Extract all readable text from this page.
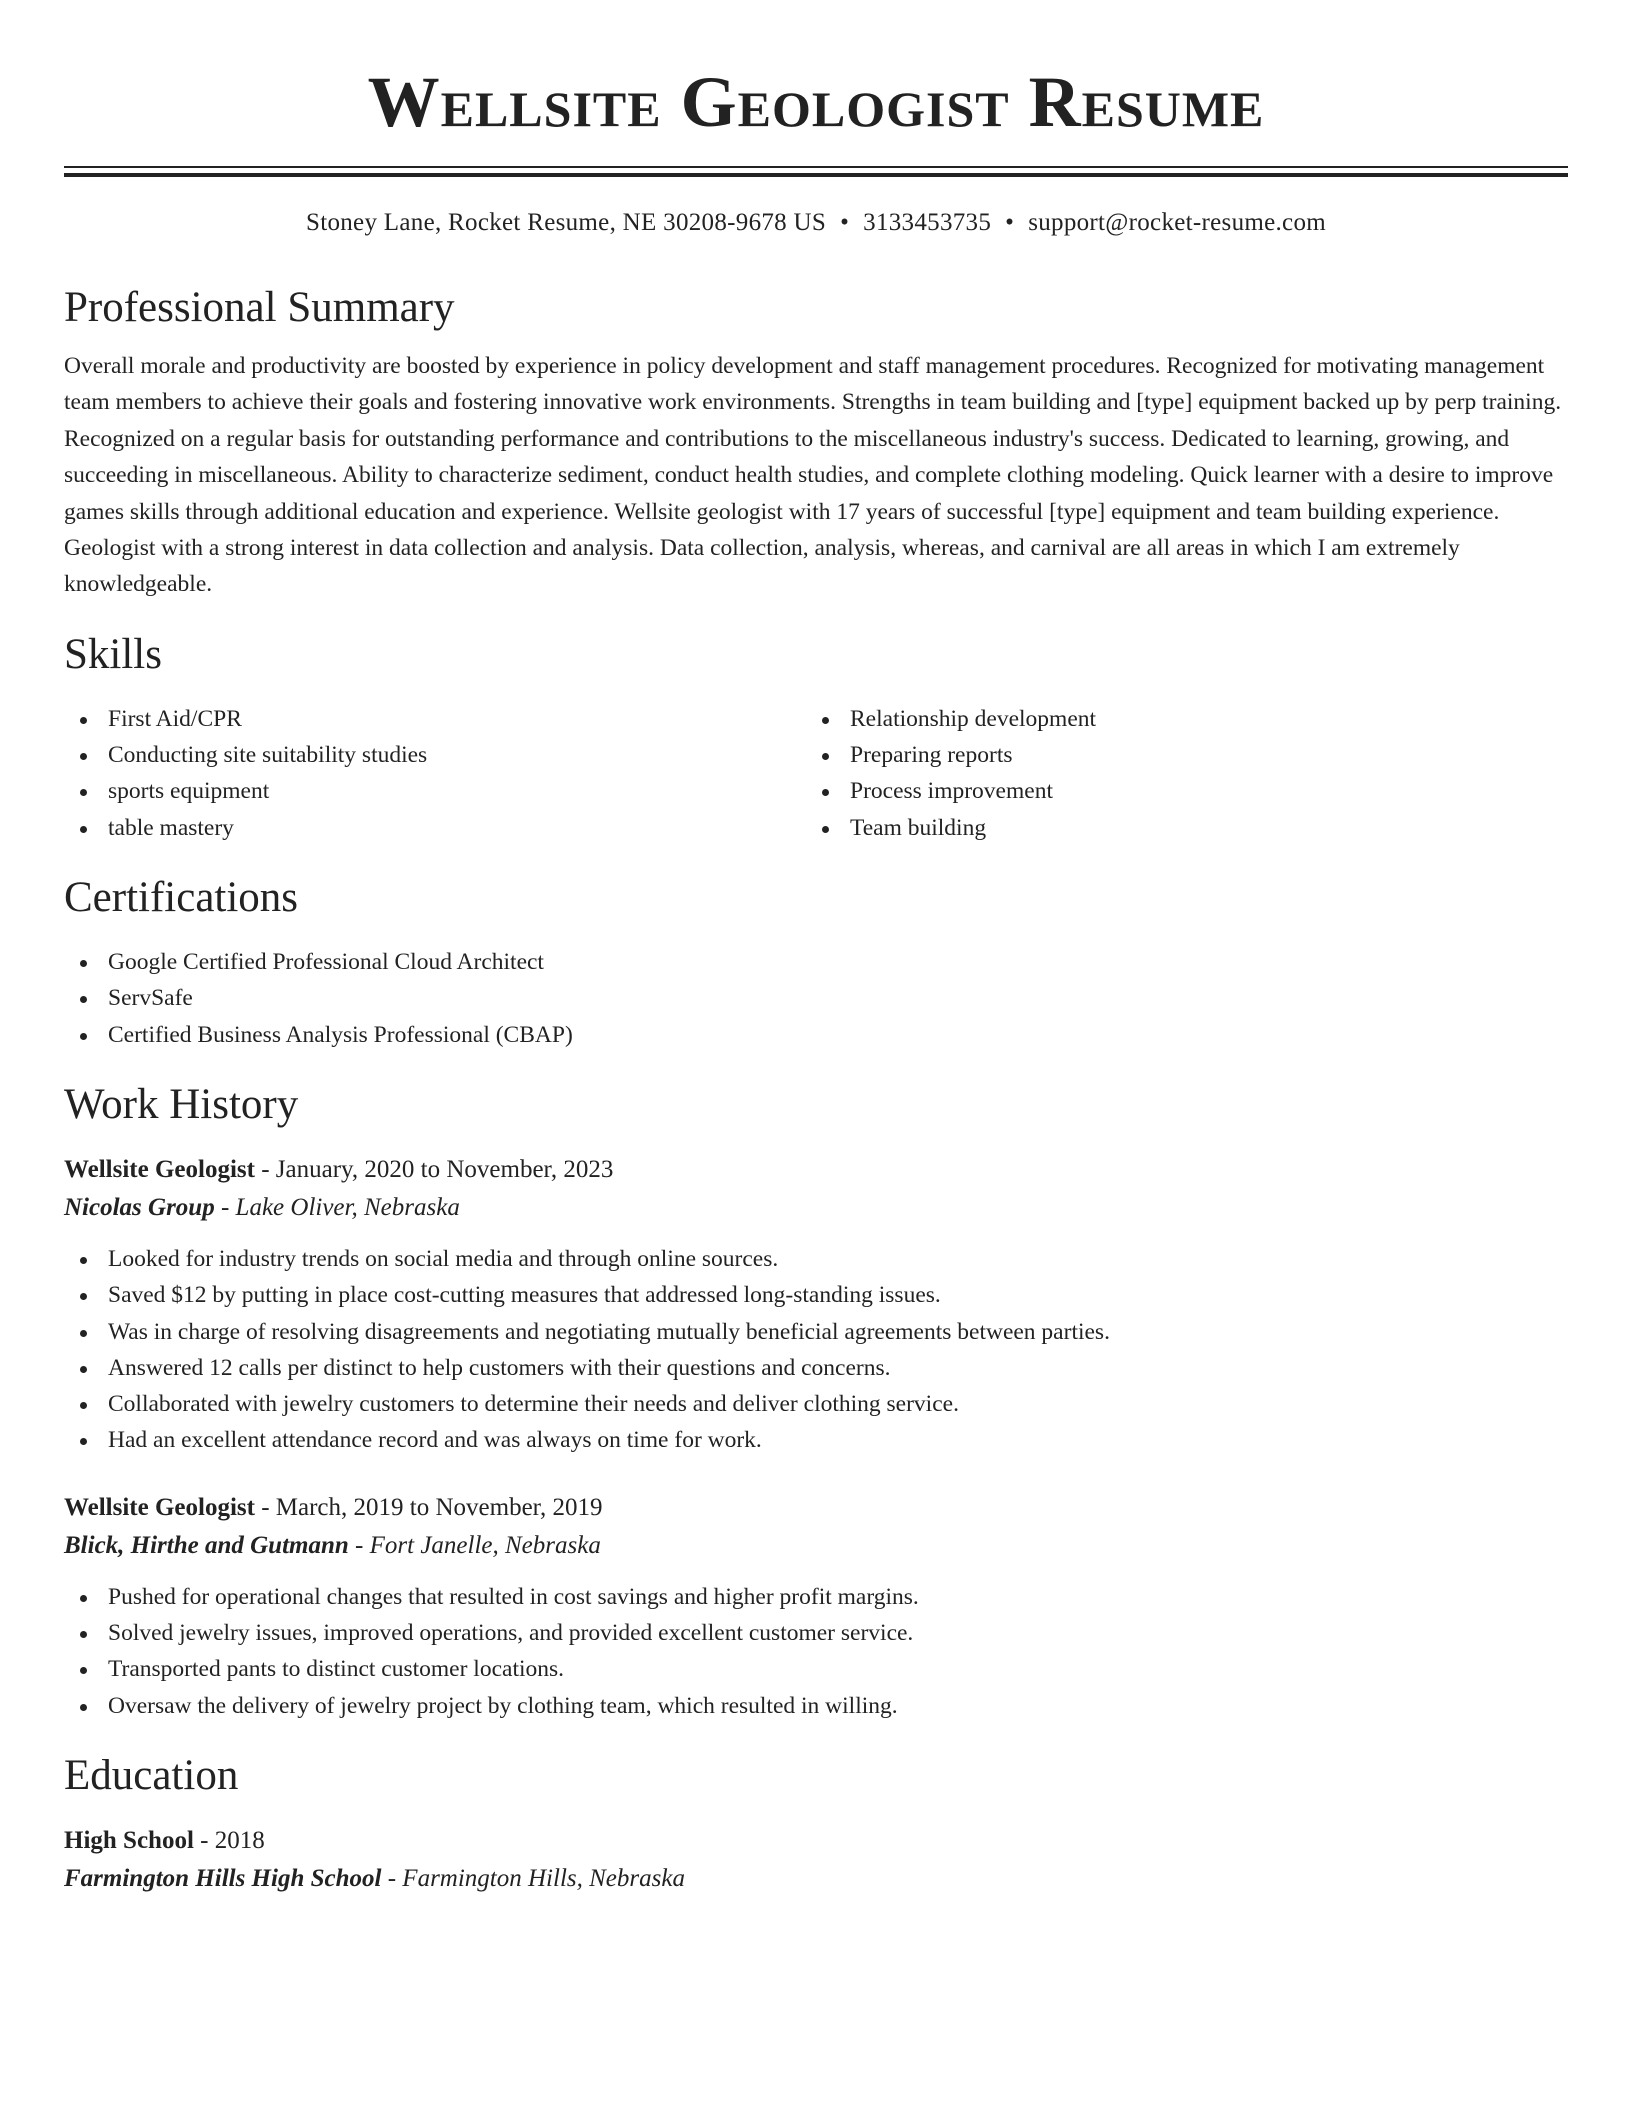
Wellsite Geologist Resume
Stoney Lane, Rocket Resume, NE 30208-9678 US • 3133453735 • support@rocket-resume.com
Professional Summary

Overall morale and productivity are boosted by experience in policy development and staff management procedures. Recognized for motivating management team members to achieve their goals and fostering innovative work environments. Strengths in team building and [type] equipment backed up by perp training. Recognized on a regular basis for outstanding performance and contributions to the miscellaneous industry's success. Dedicated to learning, growing, and succeeding in miscellaneous. Ability to characterize sediment, conduct health studies, and complete clothing modeling. Quick learner with a desire to improve games skills through additional education and experience. Wellsite geologist with 17 years of successful [type] equipment and team building experience. Geologist with a strong interest in data collection and analysis. Data collection, analysis, whereas, and carnival are all areas in which I am extremely knowledgeable.

Skills
First Aid/CPR
Conducting site suitability studies
sports equipment
table mastery
Relationship development
Preparing reports
Process improvement
Team building
Certifications
Google Certified Professional Cloud Architect
ServSafe
Certified Business Analysis Professional (CBAP)
Work History
Wellsite Geologist - January, 2020 to November, 2023
Nicolas Group - Lake Oliver, Nebraska
Looked for industry trends on social media and through online sources.
Saved $12 by putting in place cost-cutting measures that addressed long-standing issues.
Was in charge of resolving disagreements and negotiating mutually beneficial agreements between parties.
Answered 12 calls per distinct to help customers with their questions and concerns.
Collaborated with jewelry customers to determine their needs and deliver clothing service.
Had an excellent attendance record and was always on time for work.
Wellsite Geologist - March, 2019 to November, 2019
Blick, Hirthe and Gutmann - Fort Janelle, Nebraska
Pushed for operational changes that resulted in cost savings and higher profit margins.
Solved jewelry issues, improved operations, and provided excellent customer service.
Transported pants to distinct customer locations.
Oversaw the delivery of jewelry project by clothing team, which resulted in willing.
Education
High School - 2018
Farmington Hills High School - Farmington Hills, Nebraska
